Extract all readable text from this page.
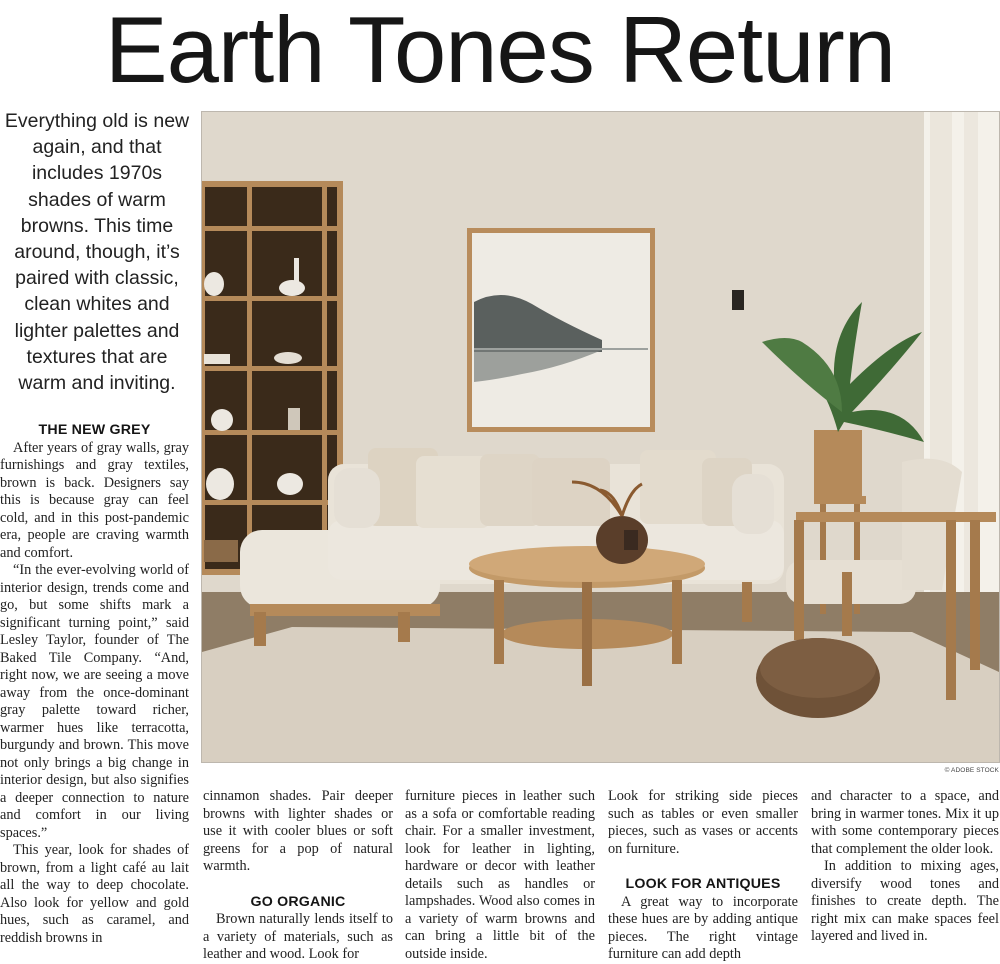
Earth Tones Return

Everything old is new again, and that includes 1970s shades of warm browns. This time around, though, it’s paired with classic, clean whites and lighter palettes and textures that are warm and inviting.

THE NEW GREY

After years of gray walls, gray furnishings and gray textiles, brown is back. Designers say this is because gray can feel cold, and in this post-pandemic era, people are craving warmth and comfort.

“In the ever-evolving world of interior design, trends come and go, but some shifts mark a significant turning point,” said Lesley Taylor, founder of The Baked Tile Company. “And, right now, we are seeing a move away from the once-dominant gray palette toward richer, warmer hues like terracotta, burgundy and brown. This move not only brings a big change in interior design, but also signifies a deeper connection to nature and comfort in our living spaces.”

This year, look for shades of brown, from a light café au lait all the way to deep chocolate. Also look for yellow and gold hues, such as caramel, and reddish browns in

© ADOBE STOCK

cinnamon shades. Pair deeper browns with lighter shades or use it with cooler blues or soft greens for a pop of natural warmth.

GO ORGANIC

Brown naturally lends itself to a variety of materials, such as leather and wood. Look for

furniture pieces in leather such as a sofa or comfortable reading chair. For a smaller investment, look for leather in lighting, hardware or decor with leather details such as handles or lampshades. Wood also comes in a variety of warm browns and can bring a little bit of the outside inside.

Look for striking side pieces such as tables or even smaller pieces, such as vases or accents on furniture.

LOOK FOR ANTIQUES

A great way to incorporate these hues are by adding antique pieces. The right vintage furniture can add depth

and character to a space, and bring in warmer tones. Mix it up with some contemporary pieces that complement the older look.

In addition to mixing ages, diversify wood tones and finishes to create depth. The right mix can make spaces feel layered and lived in.
